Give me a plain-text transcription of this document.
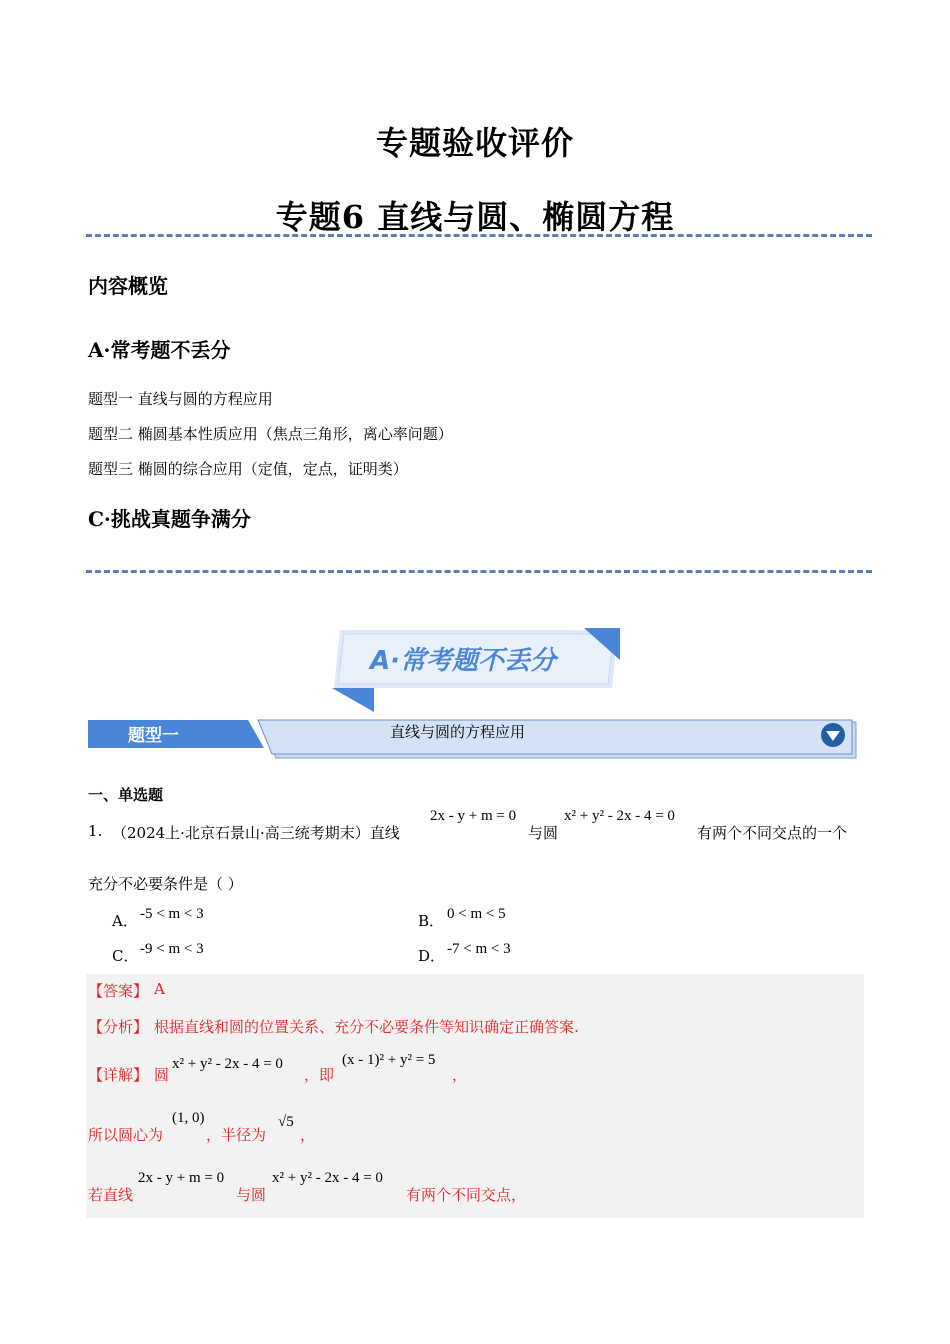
专题验收评价
专题6 直线与圆、椭圆方程
内容概览
A·常考题不丢分
题型一 直线与圆的方程应用
题型二 椭圆基本性质应用（焦点三角形，离心率问题）
题型三 椭圆的综合应用（定值，定点，证明类）
C·挑战真题争满分
A·常考题不丢分
题型一	直线与圆的方程应用
一、单选题
1. （2024上·北京石景山·高三统考期末）直线
2x - y + m = 0
与圆
x² + y² - 2x - 4 = 0
有两个不同交点的一个
充分不必要条件是（ ）
A． -5 < m < 3	B． 0 < m < 5
C． -9 < m < 3	D． -7 < m < 3
【答案】 A
【分析】 根据直线和圆的位置关系、充分不必要条件等知识确定正确答案.
【详解】 圆
x² + y² - 2x - 4 = 0
，即
(x - 1)² + y² = 5
，
所以圆心为
(1, 0)
，半径为
√5
，
若直线
2x - y + m = 0
与圆
x² + y² - 2x - 4 = 0
有两个不同交点，
